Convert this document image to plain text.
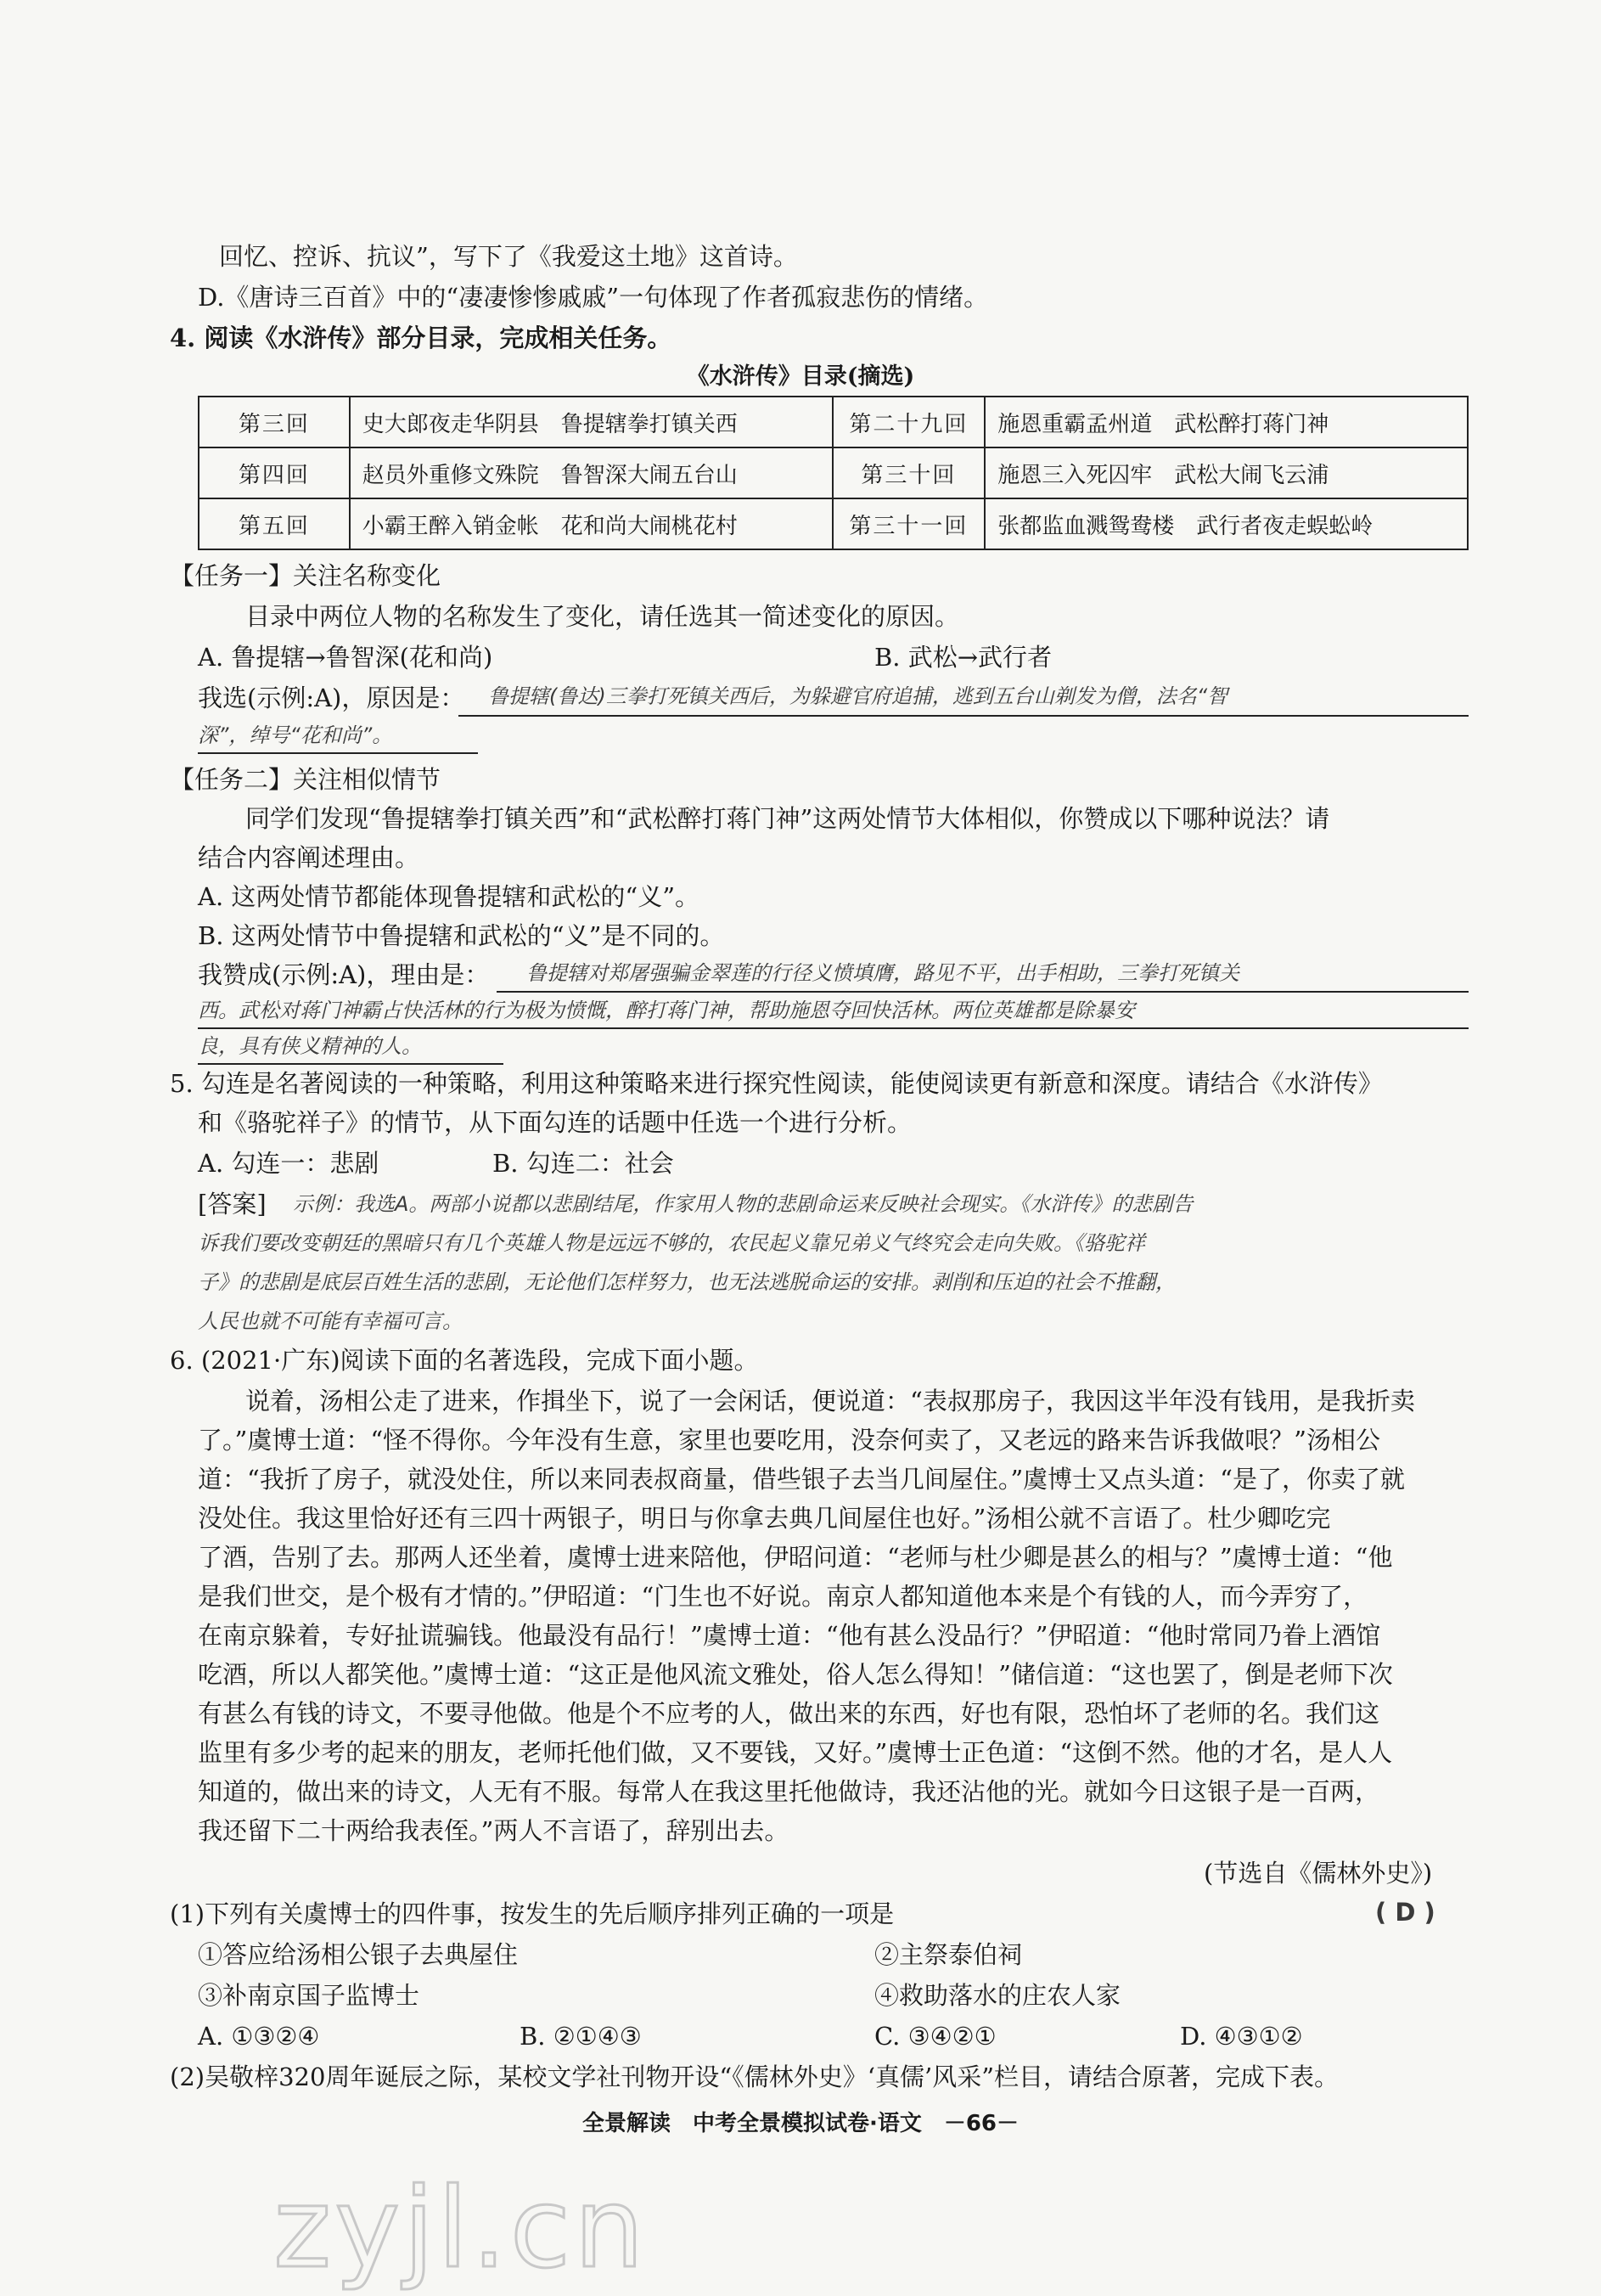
回忆、控诉、抗议”，写下了《我爱这土地》这首诗。
D.《唐诗三百首》中的“凄凄惨惨戚戚”一句体现了作者孤寂悲伤的情绪。
4. 阅读《水浒传》部分目录，完成相关任务。
《水浒传》目录(摘选)
第三回	史大郎夜走华阴县　鲁提辖拳打镇关西	第二十九回	施恩重霸孟州道　武松醉打蒋门神
第四回	赵员外重修文殊院　鲁智深大闹五台山	第三十回	施恩三入死囚牢　武松大闹飞云浦
第五回	小霸王醉入销金帐　花和尚大闹桃花村	第三十一回	张都监血溅鸳鸯楼　武行者夜走蜈蚣岭
【任务一】关注名称变化
目录中两位人物的名称发生了变化，请任选其一简述变化的原因。
A. 鲁提辖→鲁智深(花和尚)	B. 武松→武行者
我选(示例:A)，原因是： 鲁提辖(鲁达)三拳打死镇关西后，为躲避官府追捕，逃到五台山剃发为僧，法名“智
深”，绰号“花和尚”。
【任务二】关注相似情节
同学们发现“鲁提辖拳打镇关西”和“武松醉打蒋门神”这两处情节大体相似，你赞成以下哪种说法？请
结合内容阐述理由。
A. 这两处情节都能体现鲁提辖和武松的“义”。
B. 这两处情节中鲁提辖和武松的“义”是不同的。
我赞成(示例:A)，理由是： 鲁提辖对郑屠强骗金翠莲的行径义愤填膺，路见不平，出手相助，三拳打死镇关
西。武松对蒋门神霸占快活林的行为极为愤慨，醉打蒋门神，帮助施恩夺回快活林。两位英雄都是除暴安
良，具有侠义精神的人。
5. 勾连是名著阅读的一种策略，利用这种策略来进行探究性阅读，能使阅读更有新意和深度。请结合《水浒传》
和《骆驼祥子》的情节，从下面勾连的话题中任选一个进行分析。
A. 勾连一：悲剧	B. 勾连二：社会
[答案] 示例：我选A。两部小说都以悲剧结尾，作家用人物的悲剧命运来反映社会现实。《水浒传》的悲剧告
诉我们要改变朝廷的黑暗只有几个英雄人物是远远不够的，农民起义靠兄弟义气终究会走向失败。《骆驼祥
子》的悲剧是底层百姓生活的悲剧，无论他们怎样努力，也无法逃脱命运的安排。剥削和压迫的社会不推翻，
人民也就不可能有幸福可言。
6. (2021·广东)阅读下面的名著选段，完成下面小题。
说着，汤相公走了进来，作揖坐下，说了一会闲话，便说道：“表叔那房子，我因这半年没有钱用，是我折卖
了。”虞博士道：“怪不得你。今年没有生意，家里也要吃用，没奈何卖了，又老远的路来告诉我做哏？”汤相公
道：“我折了房子，就没处住，所以来同表叔商量，借些银子去当几间屋住。”虞博士又点头道：“是了，你卖了就
没处住。我这里恰好还有三四十两银子，明日与你拿去典几间屋住也好。”汤相公就不言语了。杜少卿吃完
了酒，告别了去。那两人还坐着，虞博士进来陪他，伊昭问道：“老师与杜少卿是甚么的相与？”虞博士道：“他
是我们世交，是个极有才情的。”伊昭道：“门生也不好说。南京人都知道他本来是个有钱的人，而今弄穷了，
在南京躲着，专好扯谎骗钱。他最没有品行！”虞博士道：“他有甚么没品行？”伊昭道：“他时常同乃眷上酒馆
吃酒，所以人都笑他。”虞博士道：“这正是他风流文雅处，俗人怎么得知！”储信道：“这也罢了，倒是老师下次
有甚么有钱的诗文，不要寻他做。他是个不应考的人，做出来的东西，好也有限，恐怕坏了老师的名。我们这
监里有多少考的起来的朋友，老师托他们做，又不要钱，又好。”虞博士正色道：“这倒不然。他的才名，是人人
知道的，做出来的诗文，人无有不服。每常人在我这里托他做诗，我还沾他的光。就如今日这银子是一百两，
我还留下二十两给我表侄。”两人不言语了，辞别出去。
(节选自《儒林外史》)
(1)下列有关虞博士的四件事，按发生的先后顺序排列正确的一项是	( D )
①答应给汤相公银子去典屋住	②主祭泰伯祠
③补南京国子监博士	④救助落水的庄农人家
A. ①③②④	B. ②①④③	C. ③④②①	D. ④③①②
(2)吴敬梓320周年诞辰之际，某校文学社刊物开设“《儒林外史》‘真儒’风采”栏目，请结合原著，完成下表。
全景解读　中考全景模拟试卷·语文　－66－
zyjl.cn
